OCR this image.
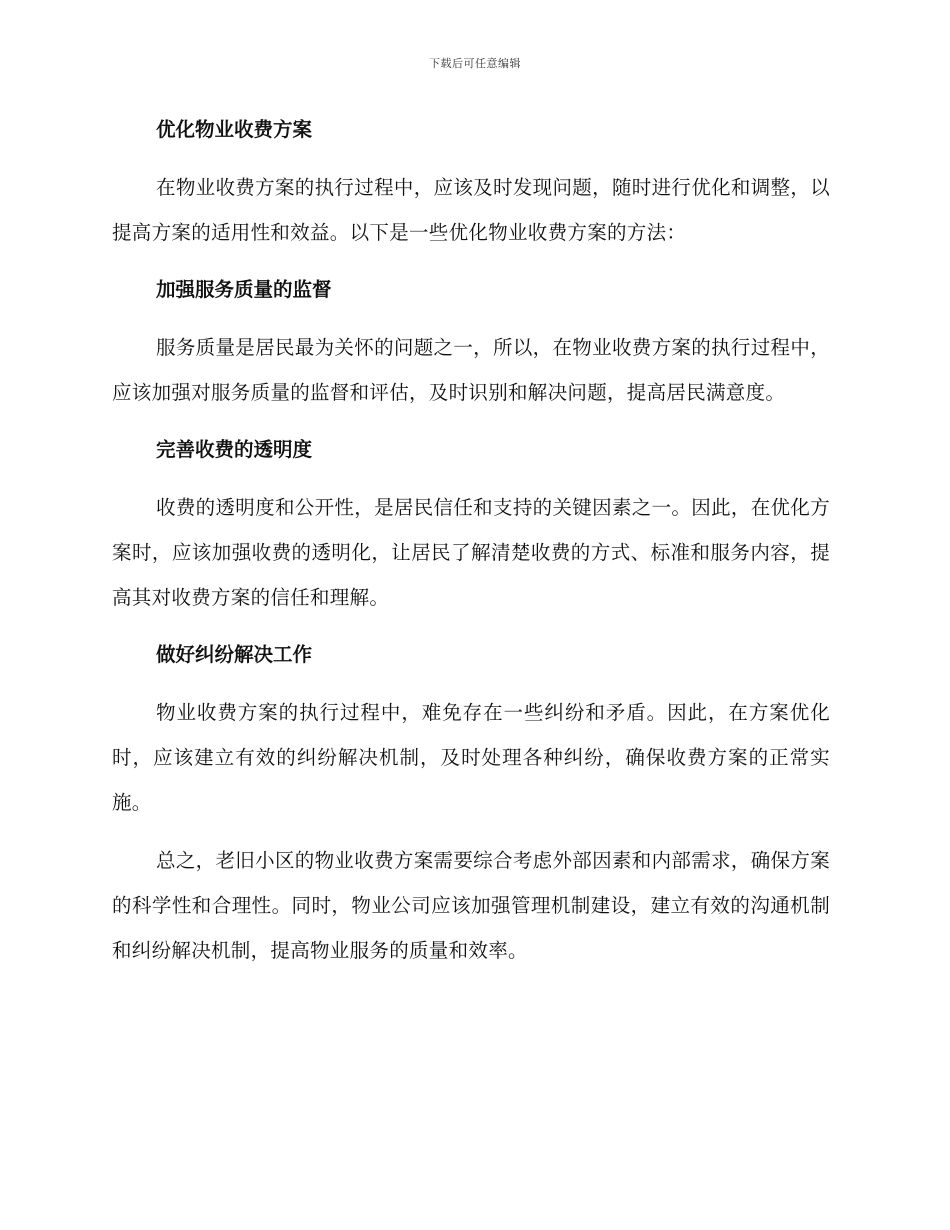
下载后可任意编辑
优化物业收费方案

在物业收费方案的执行过程中，应该及时发现问题，随时进行优化和调整，以提高方案的适用性和效益。以下是一些优化物业收费方案的方法：

加强服务质量的监督

服务质量是居民最为关怀的问题之一，所以，在物业收费方案的执行过程中，应该加强对服务质量的监督和评估，及时识别和解决问题，提高居民满意度。

完善收费的透明度

收费的透明度和公开性，是居民信任和支持的关键因素之一。因此，在优化方案时，应该加强收费的透明化，让居民了解清楚收费的方式、标准和服务内容，提高其对收费方案的信任和理解。

做好纠纷解决工作

物业收费方案的执行过程中，难免存在一些纠纷和矛盾。因此，在方案优化时，应该建立有效的纠纷解决机制，及时处理各种纠纷，确保收费方案的正常实施。

总之，老旧小区的物业收费方案需要综合考虑外部因素和内部需求，确保方案的科学性和合理性。同时，物业公司应该加强管理机制建设，建立有效的沟通机制和纠纷解决机制，提高物业服务的质量和效率。
